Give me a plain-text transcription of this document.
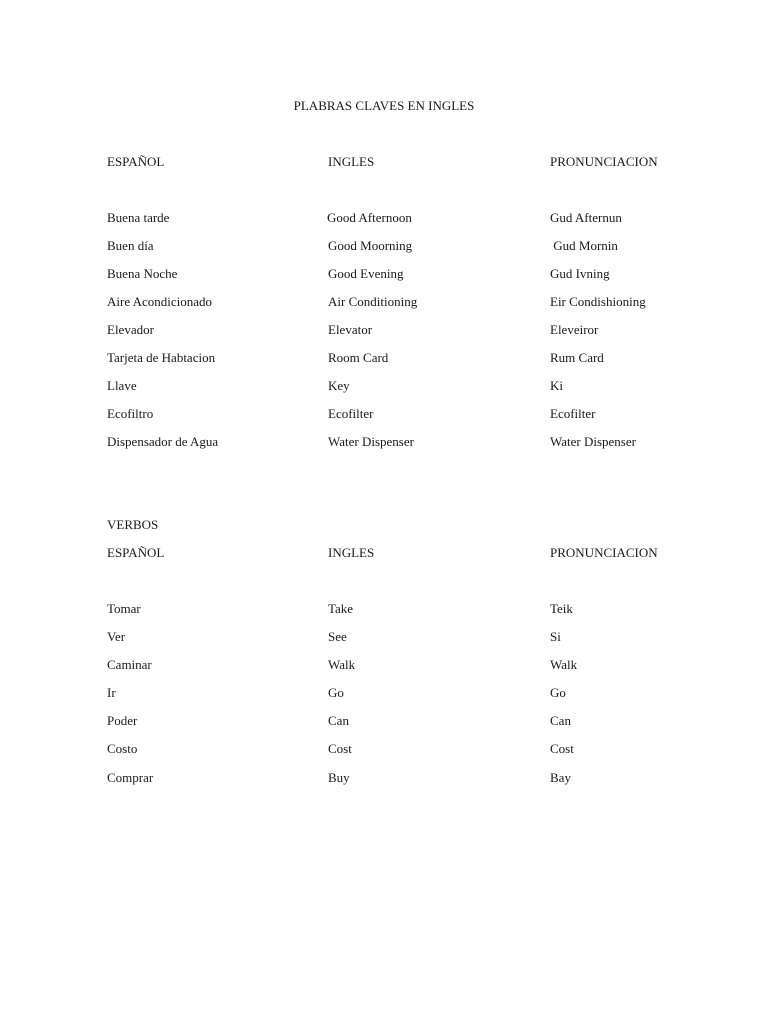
PLABRAS CLAVES EN INGLES
ESPAÑOL	INGLES	PRONUNCIACION
Buena tarde	Good Afternoon	Gud Afternun
Buen día	Good Moorning	Gud Mornin
Buena Noche	Good Evening	Gud Ivning
Aire Acondicionado	Air Conditioning	Eir Condishioning
Elevador	Elevator	Eleveiror
Tarjeta de Habtacion	Room Card	Rum Card
Llave	Key	Ki
Ecofiltro	Ecofilter	Ecofilter
Dispensador de Agua	Water Dispenser	Water Dispenser
VERBOS
ESPAÑOL	INGLES	PRONUNCIACION
Tomar	Take	Teik
Ver	See	Si
Caminar	Walk	Walk
Ir	Go	Go
Poder	Can	Can
Costo	Cost	Cost
Comprar	Buy	Bay
